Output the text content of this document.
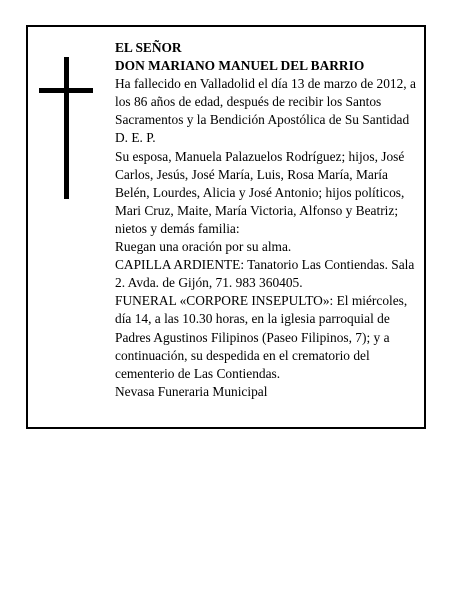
EL SEÑOR

DON MARIANO MANUEL DEL BARRIO

Ha fallecido en Valladolid el día 13 de marzo de 2012, a los 86 años de edad, después de recibir los Santos Sacramentos y la Bendición Apostólica de Su Santidad D. E. P.

Su esposa, Manuela Palazuelos Rodríguez; hijos, José Carlos, Jesús, José María, Luis, Rosa María, María Belén, Lourdes, Alicia y José Antonio; hijos políticos, Mari Cruz, Maite, María Victoria, Alfonso y Beatriz; nietos y demás familia:

Ruegan una oración por su alma.

CAPILLA ARDIENTE: Tanatorio Las Contiendas. Sala 2. Avda. de Gijón, 71. 983 360405.

FUNERAL «CORPORE INSEPULTO»: El miércoles, día 14, a las 10.30 horas, en la iglesia parroquial de Padres Agustinos Filipinos (Paseo Filipinos, 7); y a continuación, su despedida en el crematorio del cementerio de Las Contiendas.

Nevasa Funeraria Municipal
